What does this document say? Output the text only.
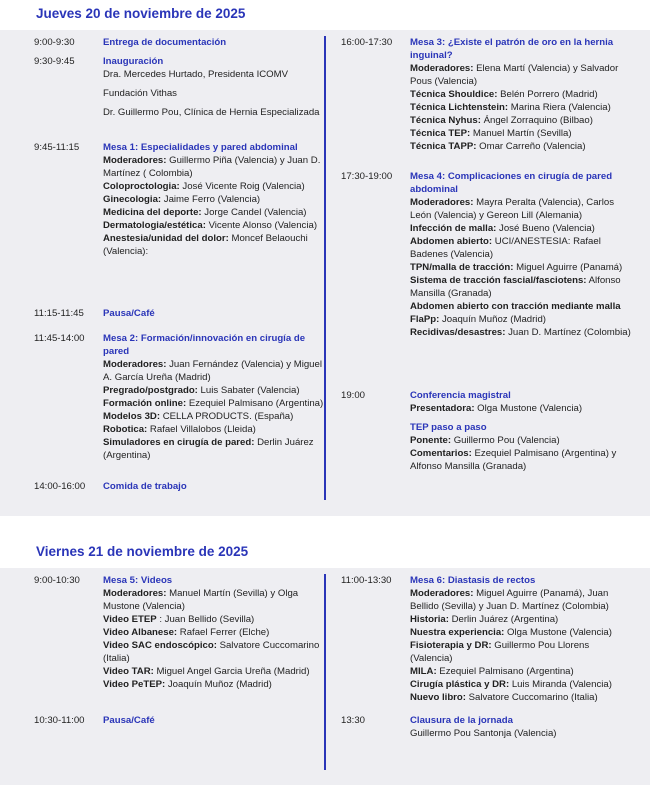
Jueves 20 de noviembre de 2025
9:00-9:30	Entrega de documentación
9:30-9:45	Inauguración
Dra. Mercedes Hurtado, Presidenta ICOMV
Fundación Vithas
Dr. Guillermo Pou, Clínica de Hernia Especializada
9:45-11:15	Mesa 1: Especialidades y pared abdominal
Moderadores: Guillermo Piña (Valencia) y Juan D. Martínez ( Colombia)
Coloproctologia: José Vicente Roig (Valencia)
Ginecologia: Jaime Ferro (Valencia)
Medicina del deporte: Jorge Candel (Valencia)
Dermatologia/estética: Vicente Alonso (Valencia)
Anestesia/unidad del dolor: Moncef Belaouchi (Valencia):
11:15-11:45	Pausa/Café
11:45-14:00	Mesa 2: Formación/innovación en cirugía de pared
Moderadores: Juan Fernández (Valencia) y Miguel A. García Ureña (Madrid)
Pregrado/postgrado: Luis Sabater (Valencia)
Formación online: Ezequiel Palmisano (Argentina)
Modelos 3D: CELLA PRODUCTS. (España)
Robotica: Rafael Villalobos (Lleida)
Simuladores en cirugía de pared: Derlin Juárez (Argentina)
14:00-16:00	Comida de trabajo
16:00-17:30	Mesa 3: ¿Existe el patrón de oro en la hernia inguinal?
Moderadores: Elena Martí (Valencia) y Salvador Pous (Valencia)
Técnica Shouldice: Belén Porrero (Madrid)
Técnica Lichtenstein: Marina Riera (Valencia)
Técnica Nyhus: Ángel Zorraquino (Bilbao)
Técnica TEP: Manuel Martín (Sevilla)
Técnica TAPP: Omar Carreño (Valencia)
17:30-19:00	Mesa 4: Complicaciones en cirugía de pared abdominal
Moderadores: Mayra Peralta (Valencia), Carlos León (Valencia) y Gereon Lill (Alemania)
Infección de malla: José Bueno (Valencia)
Abdomen abierto: UCI/ANESTESIA: Rafael Badenes (Valencia)
TPN/malla de tracción: Miguel Aguirre (Panamá)
Sistema de tracción fascial/fasciotens: Alfonso Mansilla (Granada)
Abdomen abierto con tracción mediante malla FlaPp: Joaquín Muñoz (Madrid)
Recidivas/desastres: Juan D. Martínez (Colombia)
19:00	Conferencia magistral
Presentadora: Olga Mustone (Valencia)
TEP paso a paso
Ponente: Guillermo Pou (Valencia)
Comentarios: Ezequiel Palmisano (Argentina) y Alfonso Mansilla (Granada)
Viernes 21 de noviembre de 2025
9:00-10:30	Mesa 5: Videos
Moderadores: Manuel Martín (Sevilla) y Olga Mustone (Valencia)
Video ETEP : Juan Bellido (Sevilla)
Video Albanese: Rafael Ferrer (Elche)
Video SAC endoscópico: Salvatore Cuccomarino (Italia)
Video TAR: Miguel Angel Garcia Ureña (Madrid)
Video PeTEP: Joaquín Muñoz (Madrid)
10:30-11:00	Pausa/Café
11:00-13:30	Mesa 6: Diastasis de rectos
Moderadores: Miguel Aguirre (Panamá), Juan Bellido (Sevilla) y Juan D. Martínez (Colombia)
Historia: Derlin Juárez (Argentina)
Nuestra experiencia: Olga Mustone (Valencia)
Fisioterapia y DR: Guillermo Pou Llorens (Valencia)
MILA: Ezequiel Palmisano (Argentina)
Cirugía plástica y DR: Luis Miranda (Valencia)
Nuevo libro: Salvatore Cuccomarino (Italia)
13:30	Clausura de la jornada
Guillermo Pou Santonja (Valencia)
